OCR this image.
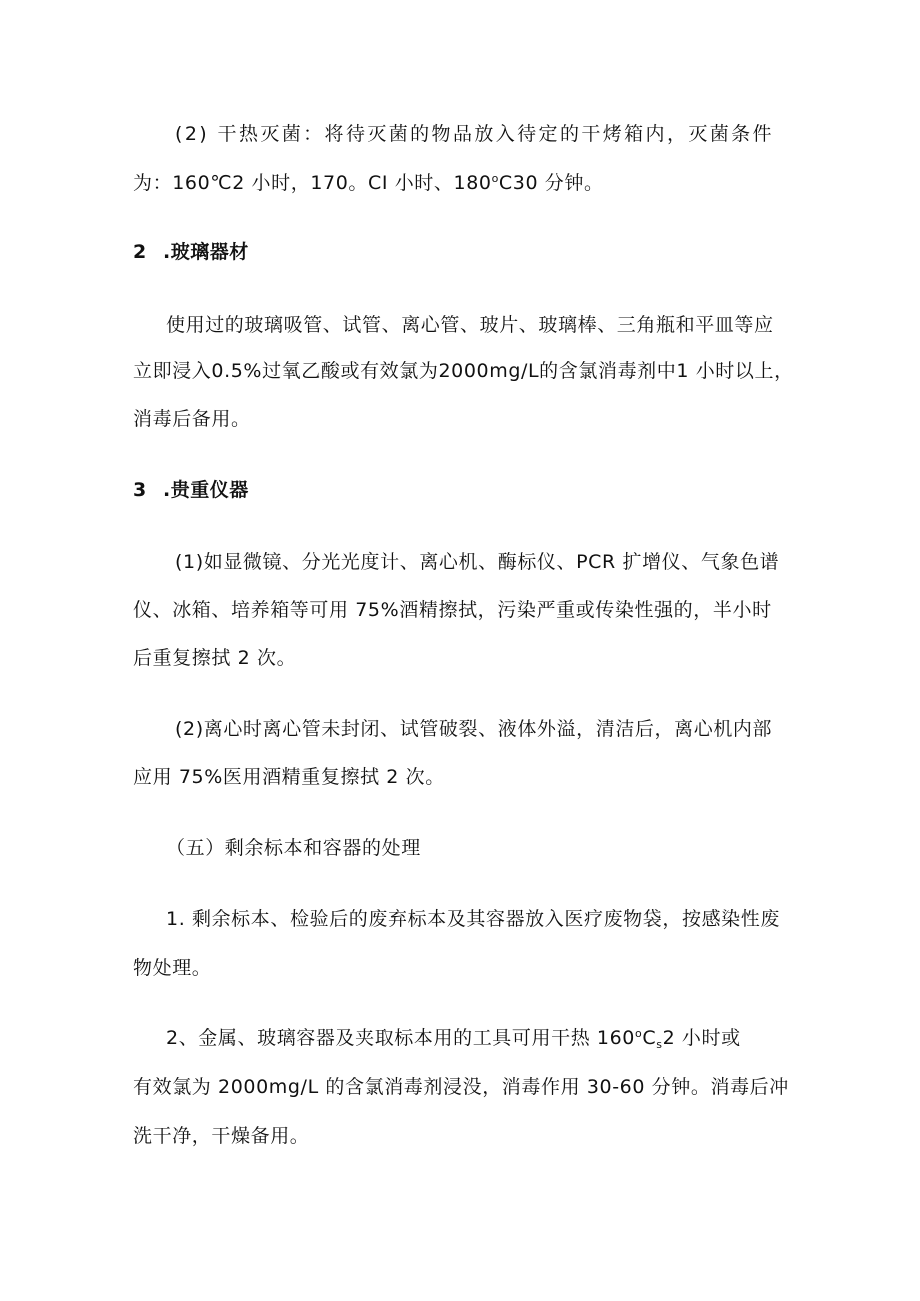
(2) 干热灭菌：将待灭菌的物品放入待定的干烤箱内，灭菌条件

为：160℃2 小时，170。CI 小时、180$^o$C30 分钟。

2 .玻璃器材

使用过的玻璃吸管、试管、离心管、玻片、玻璃棒、三角瓶和平皿等应

立即浸入0.5%过氧乙酸或有效氯为2000mg/L的含氯消毒剂中1 小时以上，

消毒后备用。

3 .贵重仪器

(1)如显微镜、分光光度计、离心机、酶标仪、PCR 扩增仪、气象色谱

仪、冰箱、培养箱等可用 75%酒精擦拭，污染严重或传染性强的，半小时

后重复擦拭 2 次。

(2)离心时离心管未封闭、试管破裂、液体外溢，清洁后，离心机内部

应用 75%医用酒精重复擦拭 2 次。

（五）剩余标本和容器的处理

1. 剩余标本、检验后的废弃标本及其容器放入医疗废物袋，按感染性废

物处理。

2、金属、玻璃容器及夹取标本用的工具可用干热 $160^oC_s2$ 小时或

有效氯为 2000mg/L 的含氯消毒剂浸没，消毒作用 30-60 分钟。消毒后冲

洗干净，干燥备用。
